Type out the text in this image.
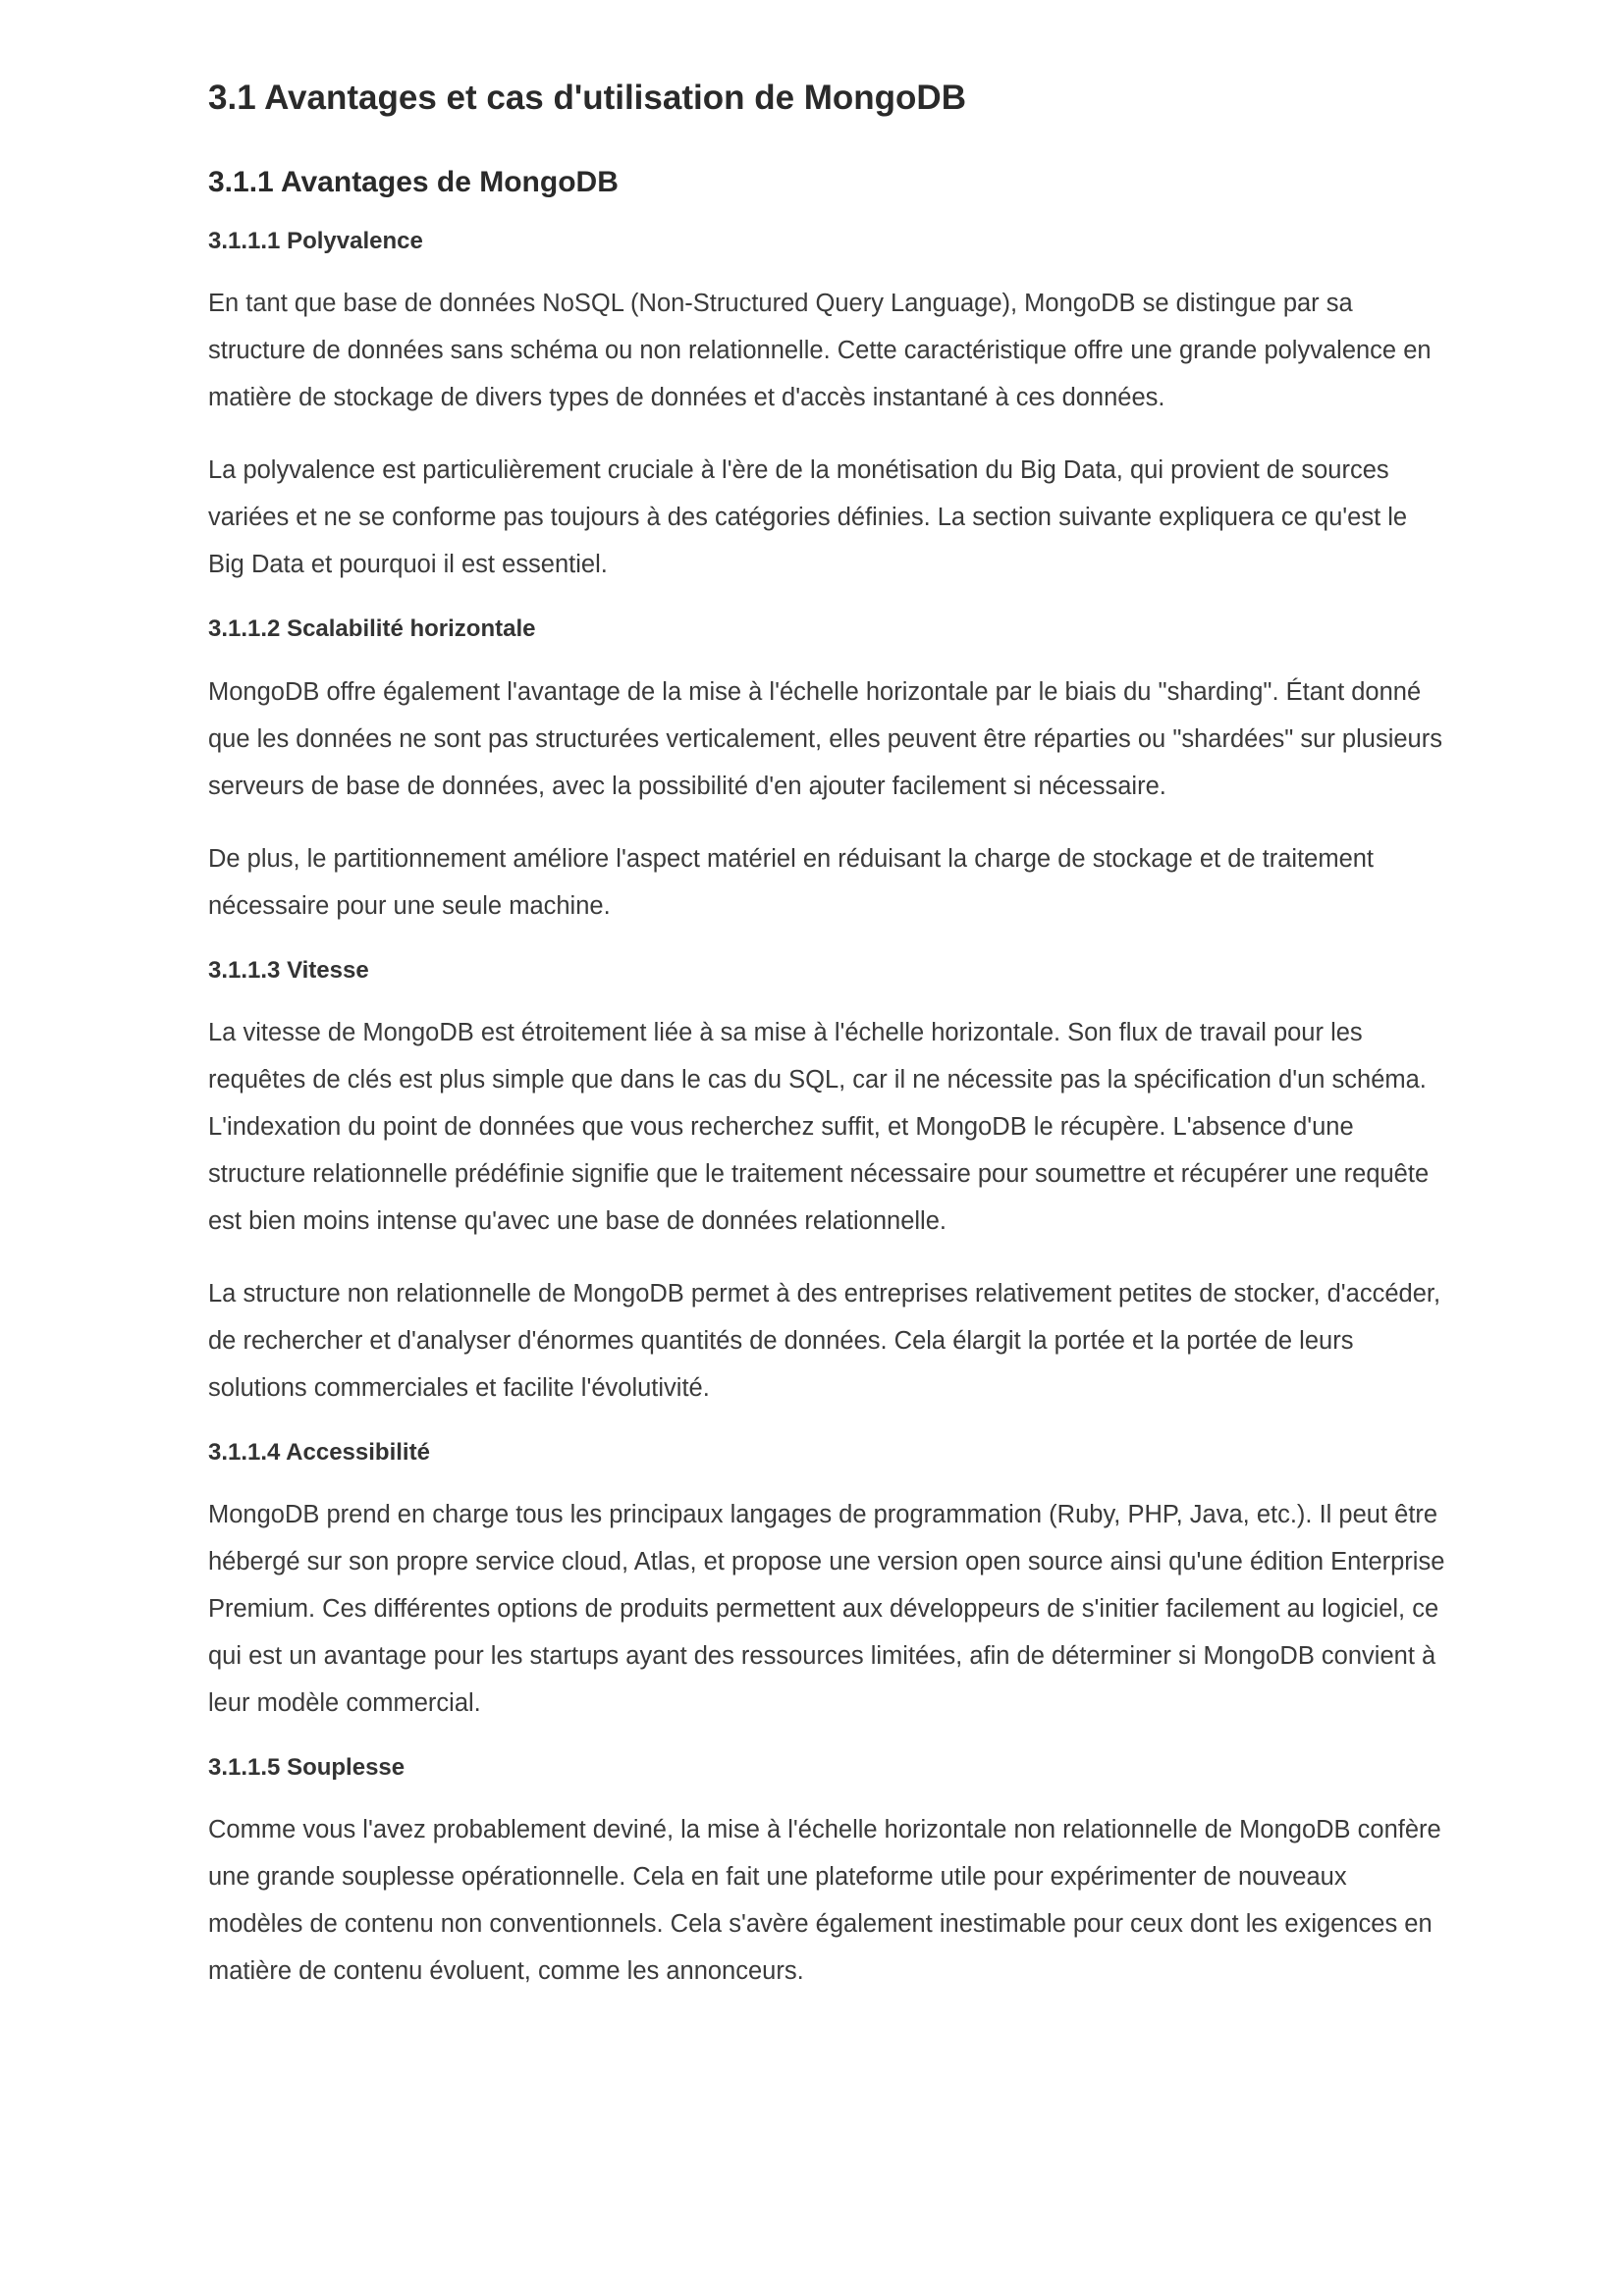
3.1 Avantages et cas d'utilisation de MongoDB
3.1.1 Avantages de MongoDB
3.1.1.1 Polyvalence

En tant que base de données NoSQL (Non-Structured Query Language), MongoDB se distingue par sa structure de données sans schéma ou non relationnelle. Cette caractéristique offre une grande polyvalence en matière de stockage de divers types de données et d'accès instantané à ces données.

La polyvalence est particulièrement cruciale à l'ère de la monétisation du Big Data, qui provient de sources variées et ne se conforme pas toujours à des catégories définies. La section suivante expliquera ce qu'est le Big Data et pourquoi il est essentiel.

3.1.1.2 Scalabilité horizontale

MongoDB offre également l'avantage de la mise à l'échelle horizontale par le biais du "sharding". Étant donné que les données ne sont pas structurées verticalement, elles peuvent être réparties ou "shardées" sur plusieurs serveurs de base de données, avec la possibilité d'en ajouter facilement si nécessaire.

De plus, le partitionnement améliore l'aspect matériel en réduisant la charge de stockage et de traitement nécessaire pour une seule machine.

3.1.1.3 Vitesse

La vitesse de MongoDB est étroitement liée à sa mise à l'échelle horizontale. Son flux de travail pour les requêtes de clés est plus simple que dans le cas du SQL, car il ne nécessite pas la spécification d'un schéma. L'indexation du point de données que vous recherchez suffit, et MongoDB le récupère. L'absence d'une structure relationnelle prédéfinie signifie que le traitement nécessaire pour soumettre et récupérer une requête est bien moins intense qu'avec une base de données relationnelle.

La structure non relationnelle de MongoDB permet à des entreprises relativement petites de stocker, d'accéder, de rechercher et d'analyser d'énormes quantités de données. Cela élargit la portée et la portée de leurs solutions commerciales et facilite l'évolutivité.

3.1.1.4 Accessibilité

MongoDB prend en charge tous les principaux langages de programmation (Ruby, PHP, Java, etc.). Il peut être hébergé sur son propre service cloud, Atlas, et propose une version open source ainsi qu'une édition Enterprise Premium. Ces différentes options de produits permettent aux développeurs de s'initier facilement au logiciel, ce qui est un avantage pour les startups ayant des ressources limitées, afin de déterminer si MongoDB convient à leur modèle commercial.

3.1.1.5 Souplesse

Comme vous l'avez probablement deviné, la mise à l'échelle horizontale non relationnelle de MongoDB confère une grande souplesse opérationnelle. Cela en fait une plateforme utile pour expérimenter de nouveaux modèles de contenu non conventionnels. Cela s'avère également inestimable pour ceux dont les exigences en matière de contenu évoluent, comme les annonceurs.
